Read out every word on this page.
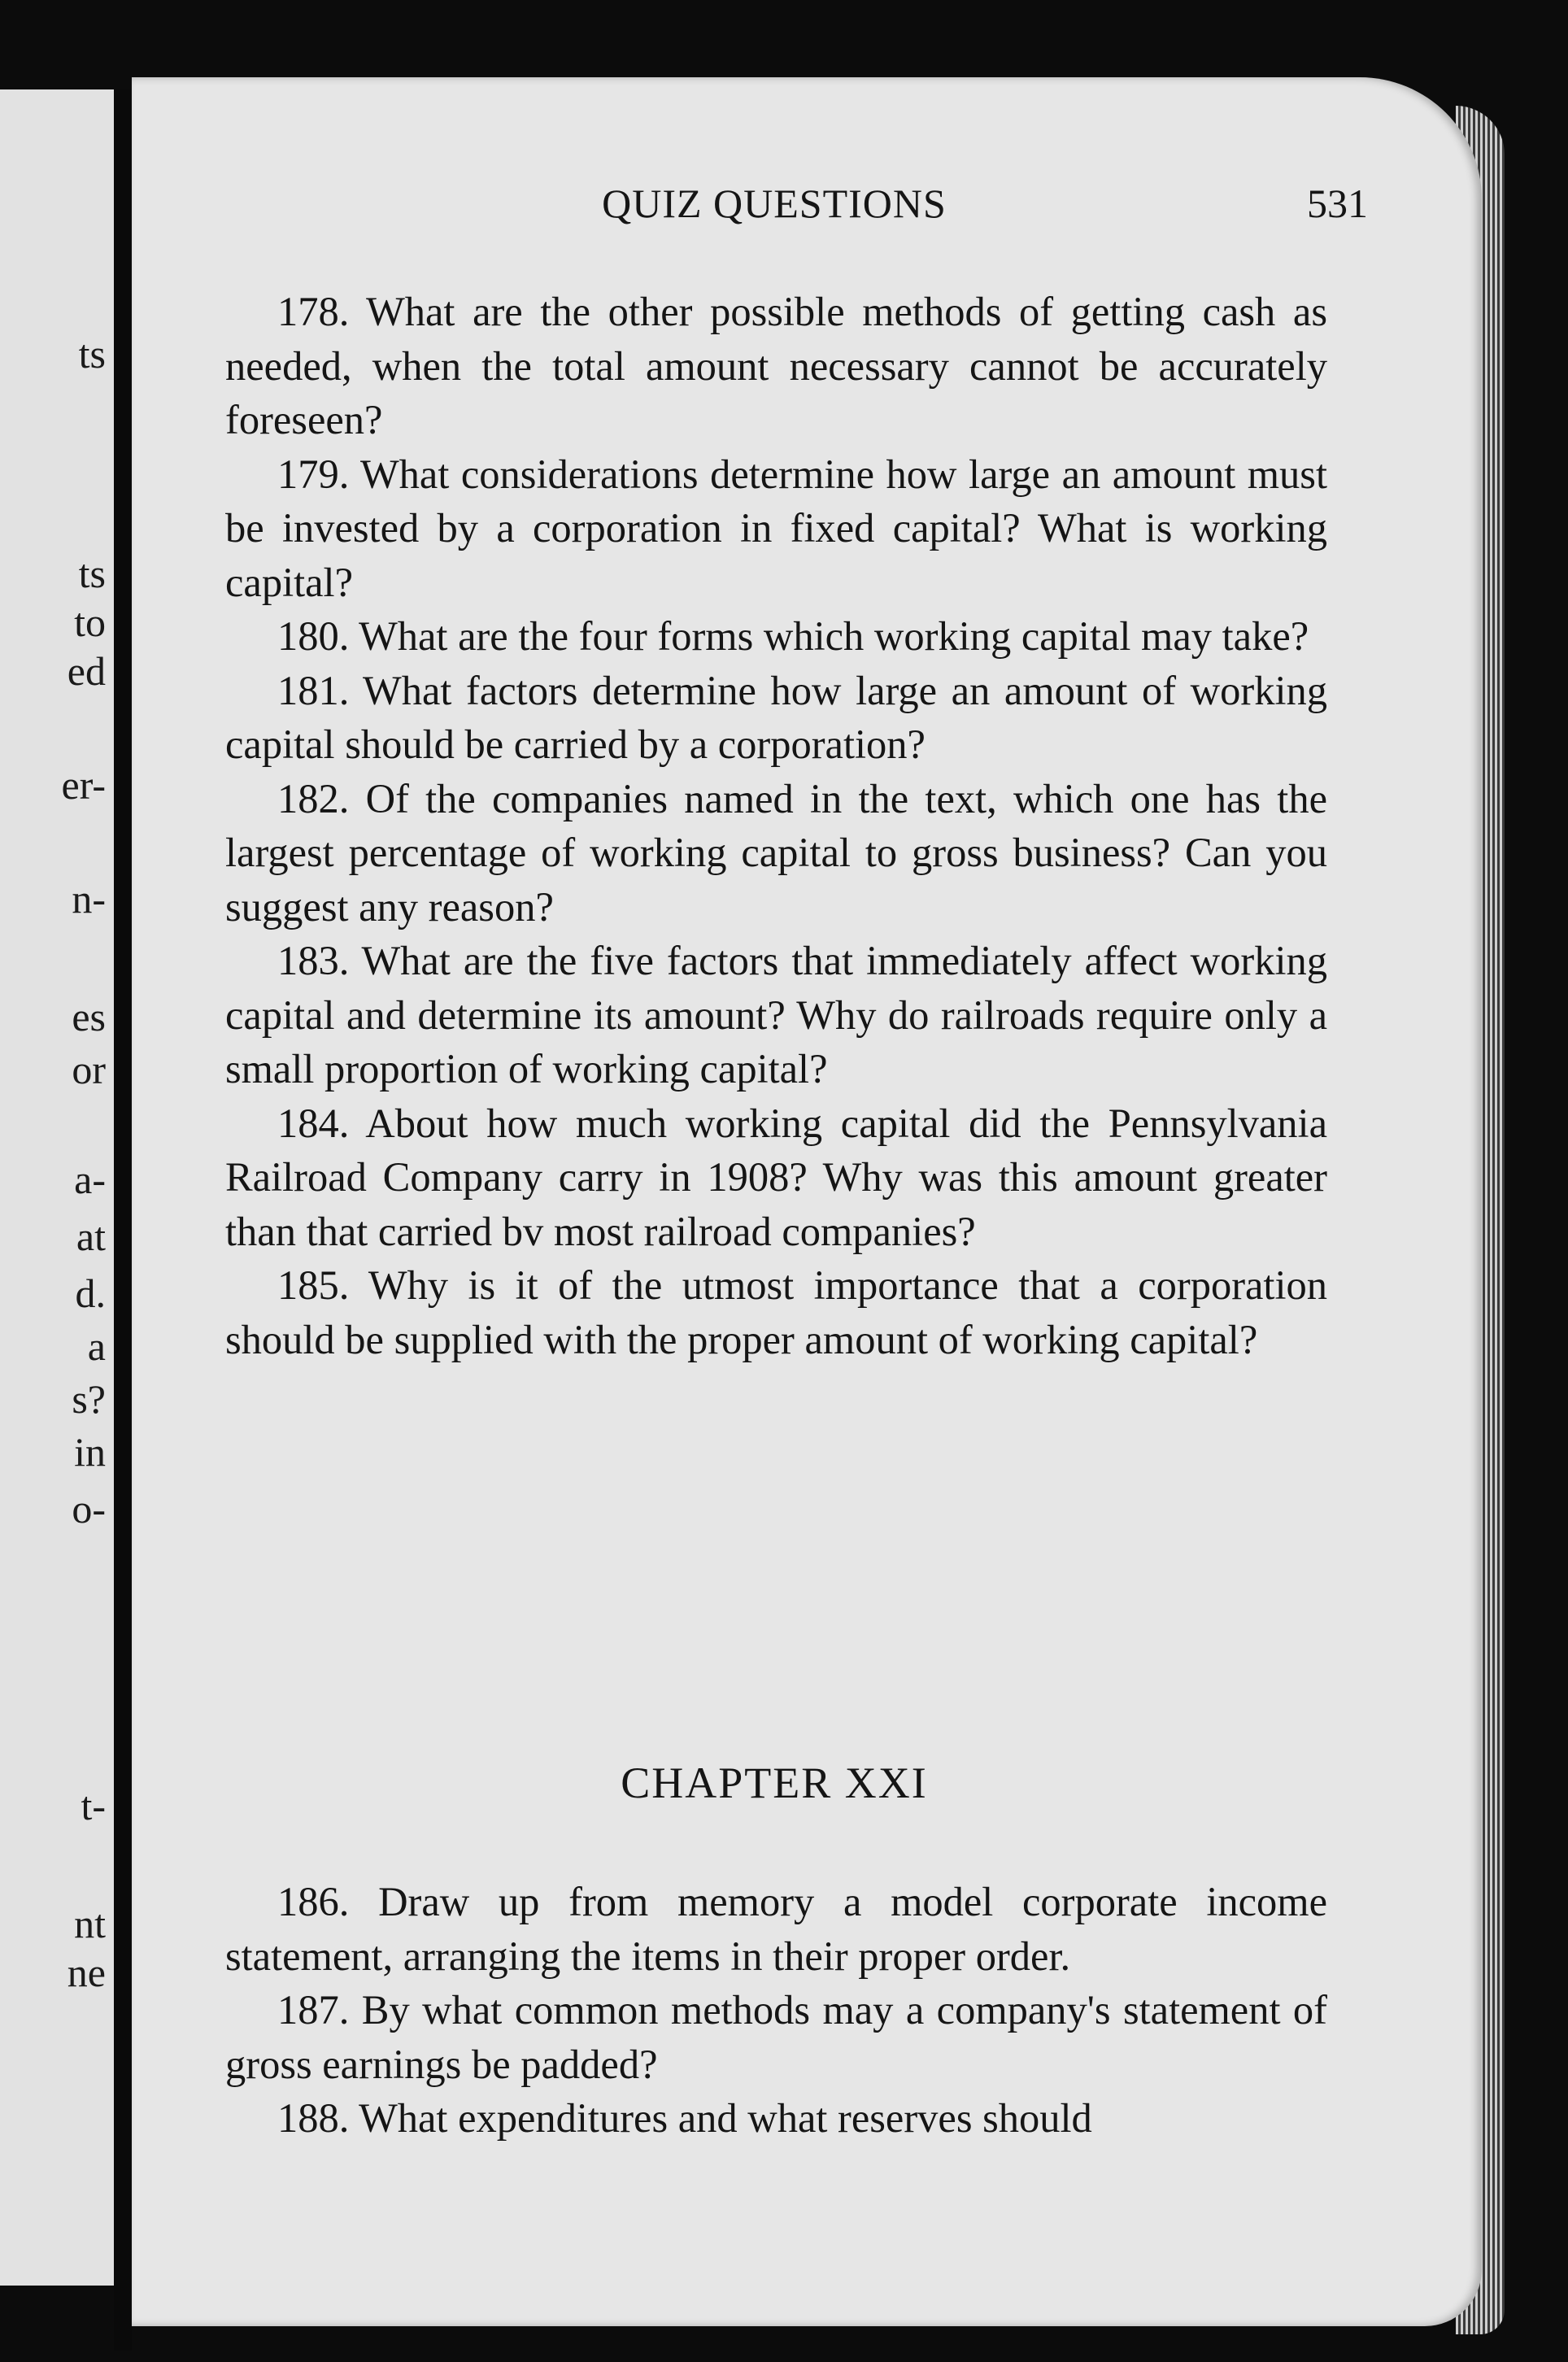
ts
ts
to
ed
er-
n-
es
or
a-
at
d.
a
s?
in
o-
t-
nt
ne
QUIZ QUESTIONS	531

178. What are the other possible methods of getting cash as needed, when the total amount necessary cannot be accurately foreseen?

179. What considerations determine how large an amount must be invested by a corporation in fixed capital? What is working capital?

180. What are the four forms which working capital may take?

181. What factors determine how large an amount of working capital should be carried by a corporation?

182. Of the companies named in the text, which one has the largest percentage of working capital to gross business? Can you suggest any reason?

183. What are the five factors that immediately affect working capital and determine its amount? Why do railroads require only a small proportion of working capital?

184. About how much working capital did the Pennsylvania Railroad Company carry in 1908? Why was this amount greater than that carried bv most railroad companies?

185. Why is it of the utmost importance that a corporation should be supplied with the proper amount of working capital?

CHAPTER XXI

186. Draw up from memory a model corporate income statement, arranging the items in their proper order.

187. By what common methods may a company's statement of gross earnings be padded?

188. What expenditures and what reserves should
